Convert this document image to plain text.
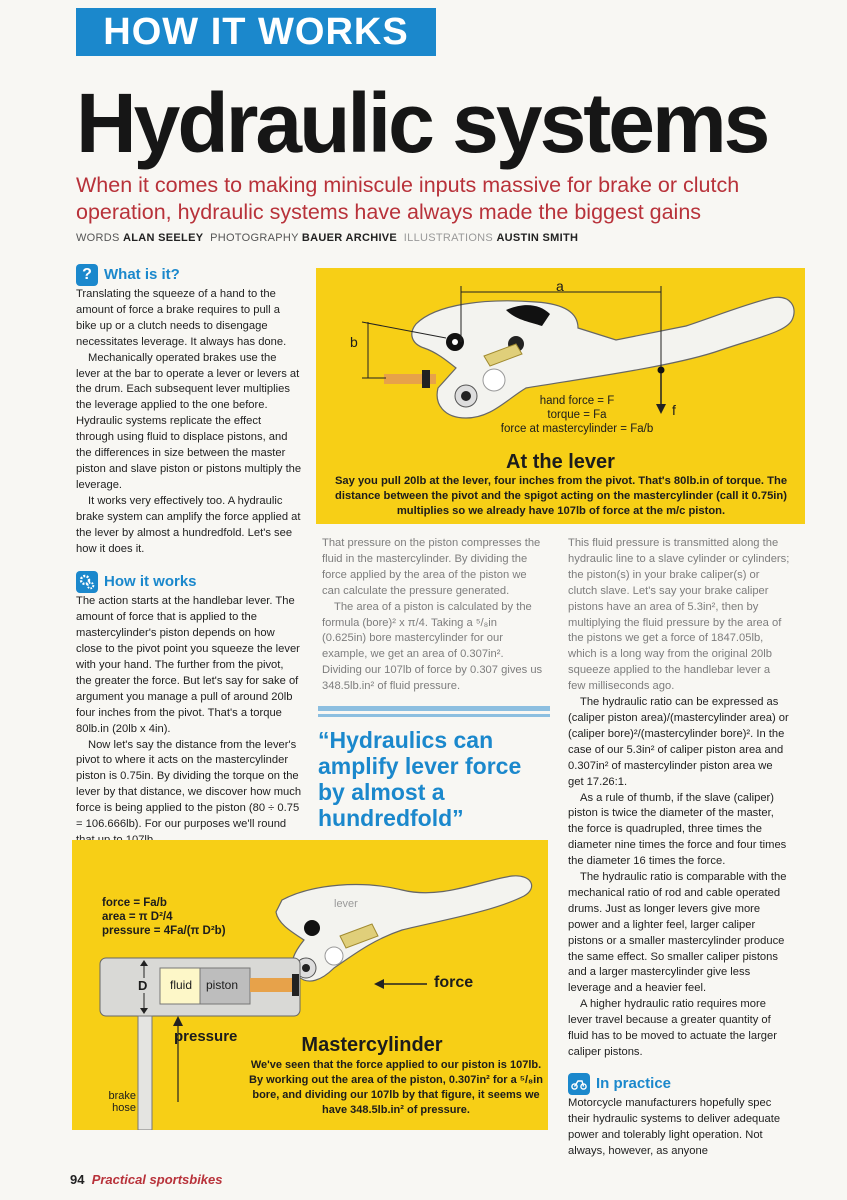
HOW IT WORKS
Hydraulic systems

When it comes to making miniscule inputs massive for brake or clutch operation, hydraulic systems have always made the biggest gains

WORDS ALAN SEELEY PHOTOGRAPHY BAUER ARCHIVE ILLUSTRATIONS AUSTIN SMITH
? What is it?

Translating the squeeze of a hand to the amount of force a brake requires to pull a bike up or a clutch needs to disengage necessitates leverage. It always has done.

Mechanically operated brakes use the lever at the bar to operate a lever or levers at the drum. Each subsequent lever multiplies the leverage applied to the one before. Hydraulic systems replicate the effect through using fluid to displace pistons, and the differences in size between the master piston and slave piston or pistons multiply the leverage.

It works very effectively too. A hydraulic brake system can amplify the force applied at the lever by almost a hundredfold. Let's see how it does it.

How it works

The action starts at the handlebar lever. The amount of force that is applied to the mastercylinder's piston depends on how close to the pivot point you squeeze the lever with your hand. The further from the pivot, the greater the force. But let's say for sake of argument you manage a pull of around 20lb four inches from the pivot. That's a torque 80lb.in (20lb x 4in).

Now let's say the distance from the lever's pivot to where it acts on the mastercylinder piston is 0.75in. By dividing the torque on the lever by that distance, we discover how much force is being applied to the piston (80 ÷ 0.75 = 106.666lb). For our purposes we'll round

a
b
f
hand force = F
torque = Fa
force at mastercylinder = Fa/b
At the lever
Say you pull 20lb at the lever, four inches from the pivot. That's 80lb.in of torque. The distance between the pivot and the spigot acting on the mastercylinder (call it 0.75in) multiplies so we already have 107lb of force at the m/c piston.

That pressure on the piston compresses the fluid in the mastercylinder. By dividing the force applied by the area of the piston we can calculate the pressure generated.

The area of a piston is calculated by the formula (bore)² x π/4. Taking a ⁵/₈in (0.625in) bore mastercylinder for our example, we get an area of 0.307in². Dividing our 107lb of force by 0.307 gives us 348.5lb.in² of fluid pressure.

“Hydraulics can amplify lever force by almost a hundredfold”

This fluid pressure is transmitted along the hydraulic line to a slave cylinder or cylinders; the piston(s) in your brake caliper(s) or clutch slave. Let's say your brake caliper pistons have an area of 5.3in², then by multiplying the fluid pressure by the area of the pistons we get a force of 1847.05lb, which is a long way from the original 20lb squeeze applied to the handlebar lever a few milliseconds ago.

The hydraulic ratio can be expressed as (caliper piston area)/(mastercylinder area) or (caliper bore)²/(mastercylinder bore)². In the case of our 5.3in² of caliper piston area and 0.307in² of mastercylinder piston area we get 17.26:1.

As a rule of thumb, if the slave (caliper) piston is twice the diameter of the master, the force is quadrupled, three times the diameter nine times the force and four times the diameter 16 times the force.

The hydraulic ratio is comparable with the mechanical ratio of rod and cable operated drums. Just as longer levers give more power and a lighter feel, larger caliper pistons or a smaller mastercylinder produce the same effect. So smaller caliper pistons and a larger mastercylinder give less leverage and a heavier feel.

A higher hydraulic ratio requires more lever travel because a greater quantity of fluid has to be moved to actuate the larger caliper pistons.

In practice

Motorcycle manufacturers hopefully spec their hydraulic systems to deliver adequate power and tolerably light operation. Not always, however, as anyone

force = Fa/b
area = π D²/4
pressure = 4Fa/(π D²b)
lever
D fluid piston	force
pressure
brake hose
Mastercylinder
We've seen that the force applied to our piston is 107lb. By working out the area of the piston, 0.307in² for a ⁵/₈in bore, and dividing our 107lb by that figure, it seems we have 348.5lb.in² of pressure.
94 Practical sportsbikes
